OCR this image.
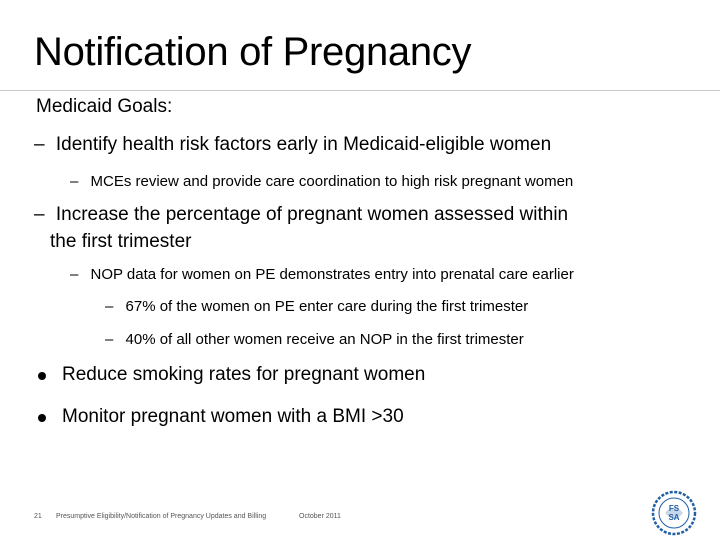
Notification of Pregnancy
Medicaid Goals:
– Identify health risk factors early in Medicaid-eligible women
– MCEs review and provide care coordination to high risk pregnant women
– Increase the percentage of pregnant women assessed within
the first trimester
– NOP data for women on PE demonstrates entry into prenatal care earlier
– 67% of the women on PE enter care during the first trimester
– 40% of all other women receive an NOP in the first trimester
Reduce smoking rates for pregnant women
Monitor pregnant women with a BMI >30
21 Presumptive Eligibility/Notification of Pregnancy Updates and Billing	October 2011
FS
SA
